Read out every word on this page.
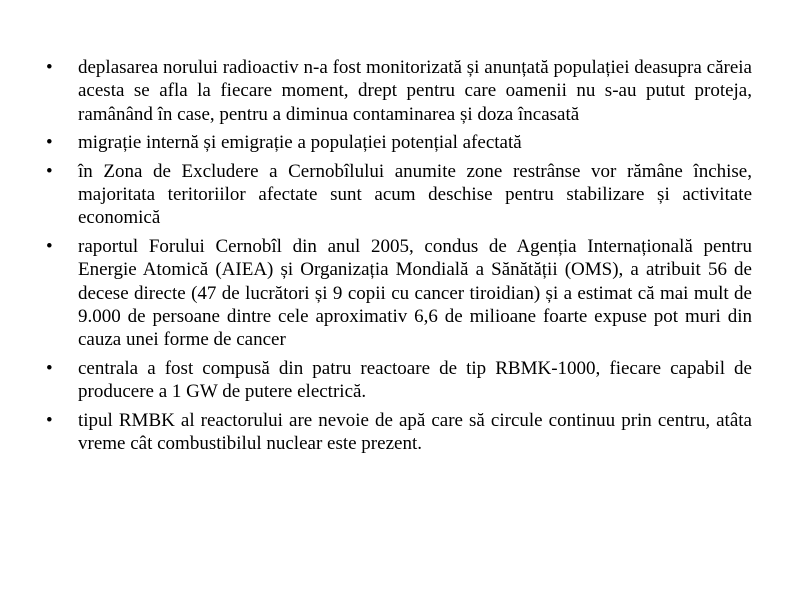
• deplasarea norului radioactiv n-a fost monitorizată și anunțată populației deasupra căreia acesta se afla la fiecare moment, drept pentru care oamenii nu s-au putut proteja, ramânând în case, pentru a diminua contaminarea și doza încasată
• migrație internă și emigrație a populației potențial afectată
• în Zona de Excludere a Cernobîlului anumite zone restrânse vor rămâne închise, majoritata teritoriilor afectate sunt acum deschise pentru stabilizare și activitate economică
• raportul Forului Cernobîl din anul 2005, condus de Agenția Internațională pentru Energie Atomică (AIEA) și Organizația Mondială a Sănătății (OMS), a atribuit 56 de decese directe (47 de lucrători și 9 copii cu cancer tiroidian) și a estimat că mai mult de 9.000 de persoane dintre cele aproximativ 6,6 de milioane foarte expuse pot muri din cauza unei forme de cancer
• centrala a fost compusă din patru reactoare de tip RBMK-1000, fiecare capabil de producere a 1 GW de putere electrică.
• tipul RMBK al reactorului are nevoie de apă care să circule continuu prin centru, atâta vreme cât combustibilul nuclear este prezent.
